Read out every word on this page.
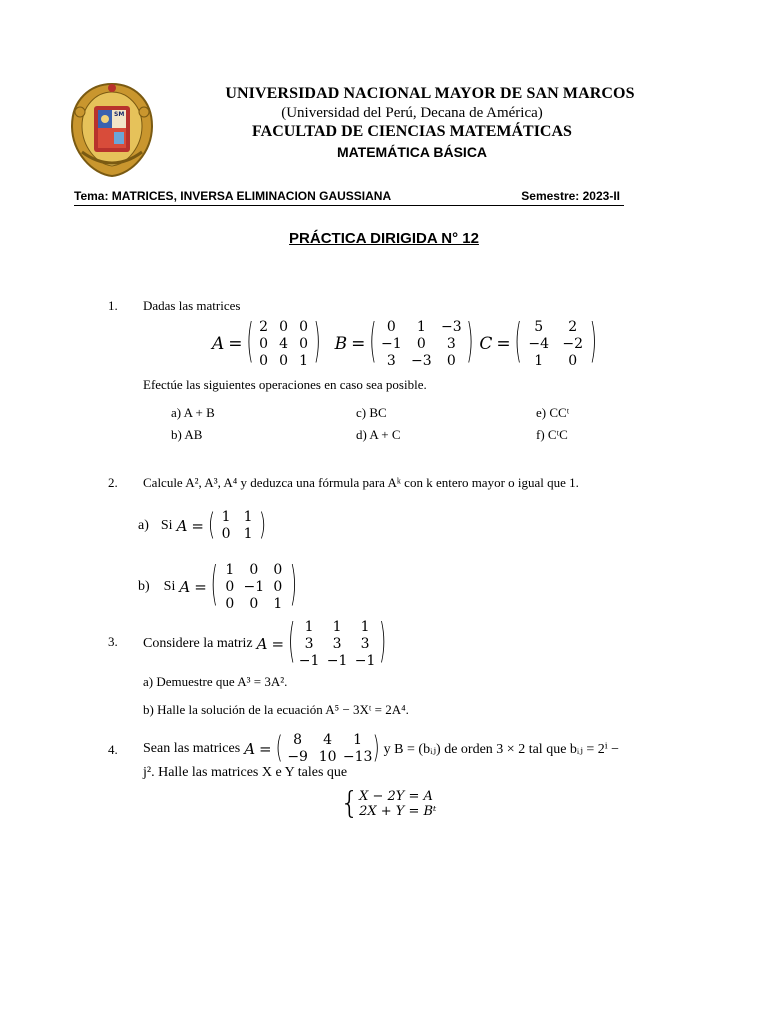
SM
UNIVERSIDAD NACIONAL MAYOR DE SAN MARCOS
(Universidad del Perú, Decana de América)
FACULTAD DE CIENCIAS MATEMÁTICAS
MATEMÁTICA BÁSICA
Tema: MATRICES, INVERSA ELIMINACION GAUSSIANA	Semestre: 2023-II
PRÁCTICA DIRIGIDA N° 12
1. Dadas las matrices
A = ( 2 0 0
0 4 0
0 0 1 ) B = ( 0	1	−3
−1	0	3
3	−3	0 ) C = ( 5	2
−4 −2
1	0 )
Efectúe las siguientes operaciones en caso sea posible.
a) A + B	c) BC	e) CCᵗ
b) AB	d) A + C	f) CᵗC
2. Calcule A², A³, A⁴ y deduzca una fórmula para Aᵏ con k entero mayor o igual que 1.
a) Si A = ( 1 1
0 1 )
b) Si A = ( 1	0	0
0 −1 0
0	0	1 )
3. Considere la matriz A = ( 1	1	1
3	3	3
−1 −1 −1 )
a) Demuestre que A³ = 3A².
b) Halle la solución de la ecuación A⁵ − 3Xᵗ = 2A⁴.
4. Sean las matrices A = ( 8	4	1
−9 10 −13 ) y B = (bᵢⱼ) de orden 3 × 2 tal que bᵢⱼ = 2ⁱ −
j². Halle las matrices X e Y tales que
{ X − 2Y = A
2X + Y = Bᵗ
